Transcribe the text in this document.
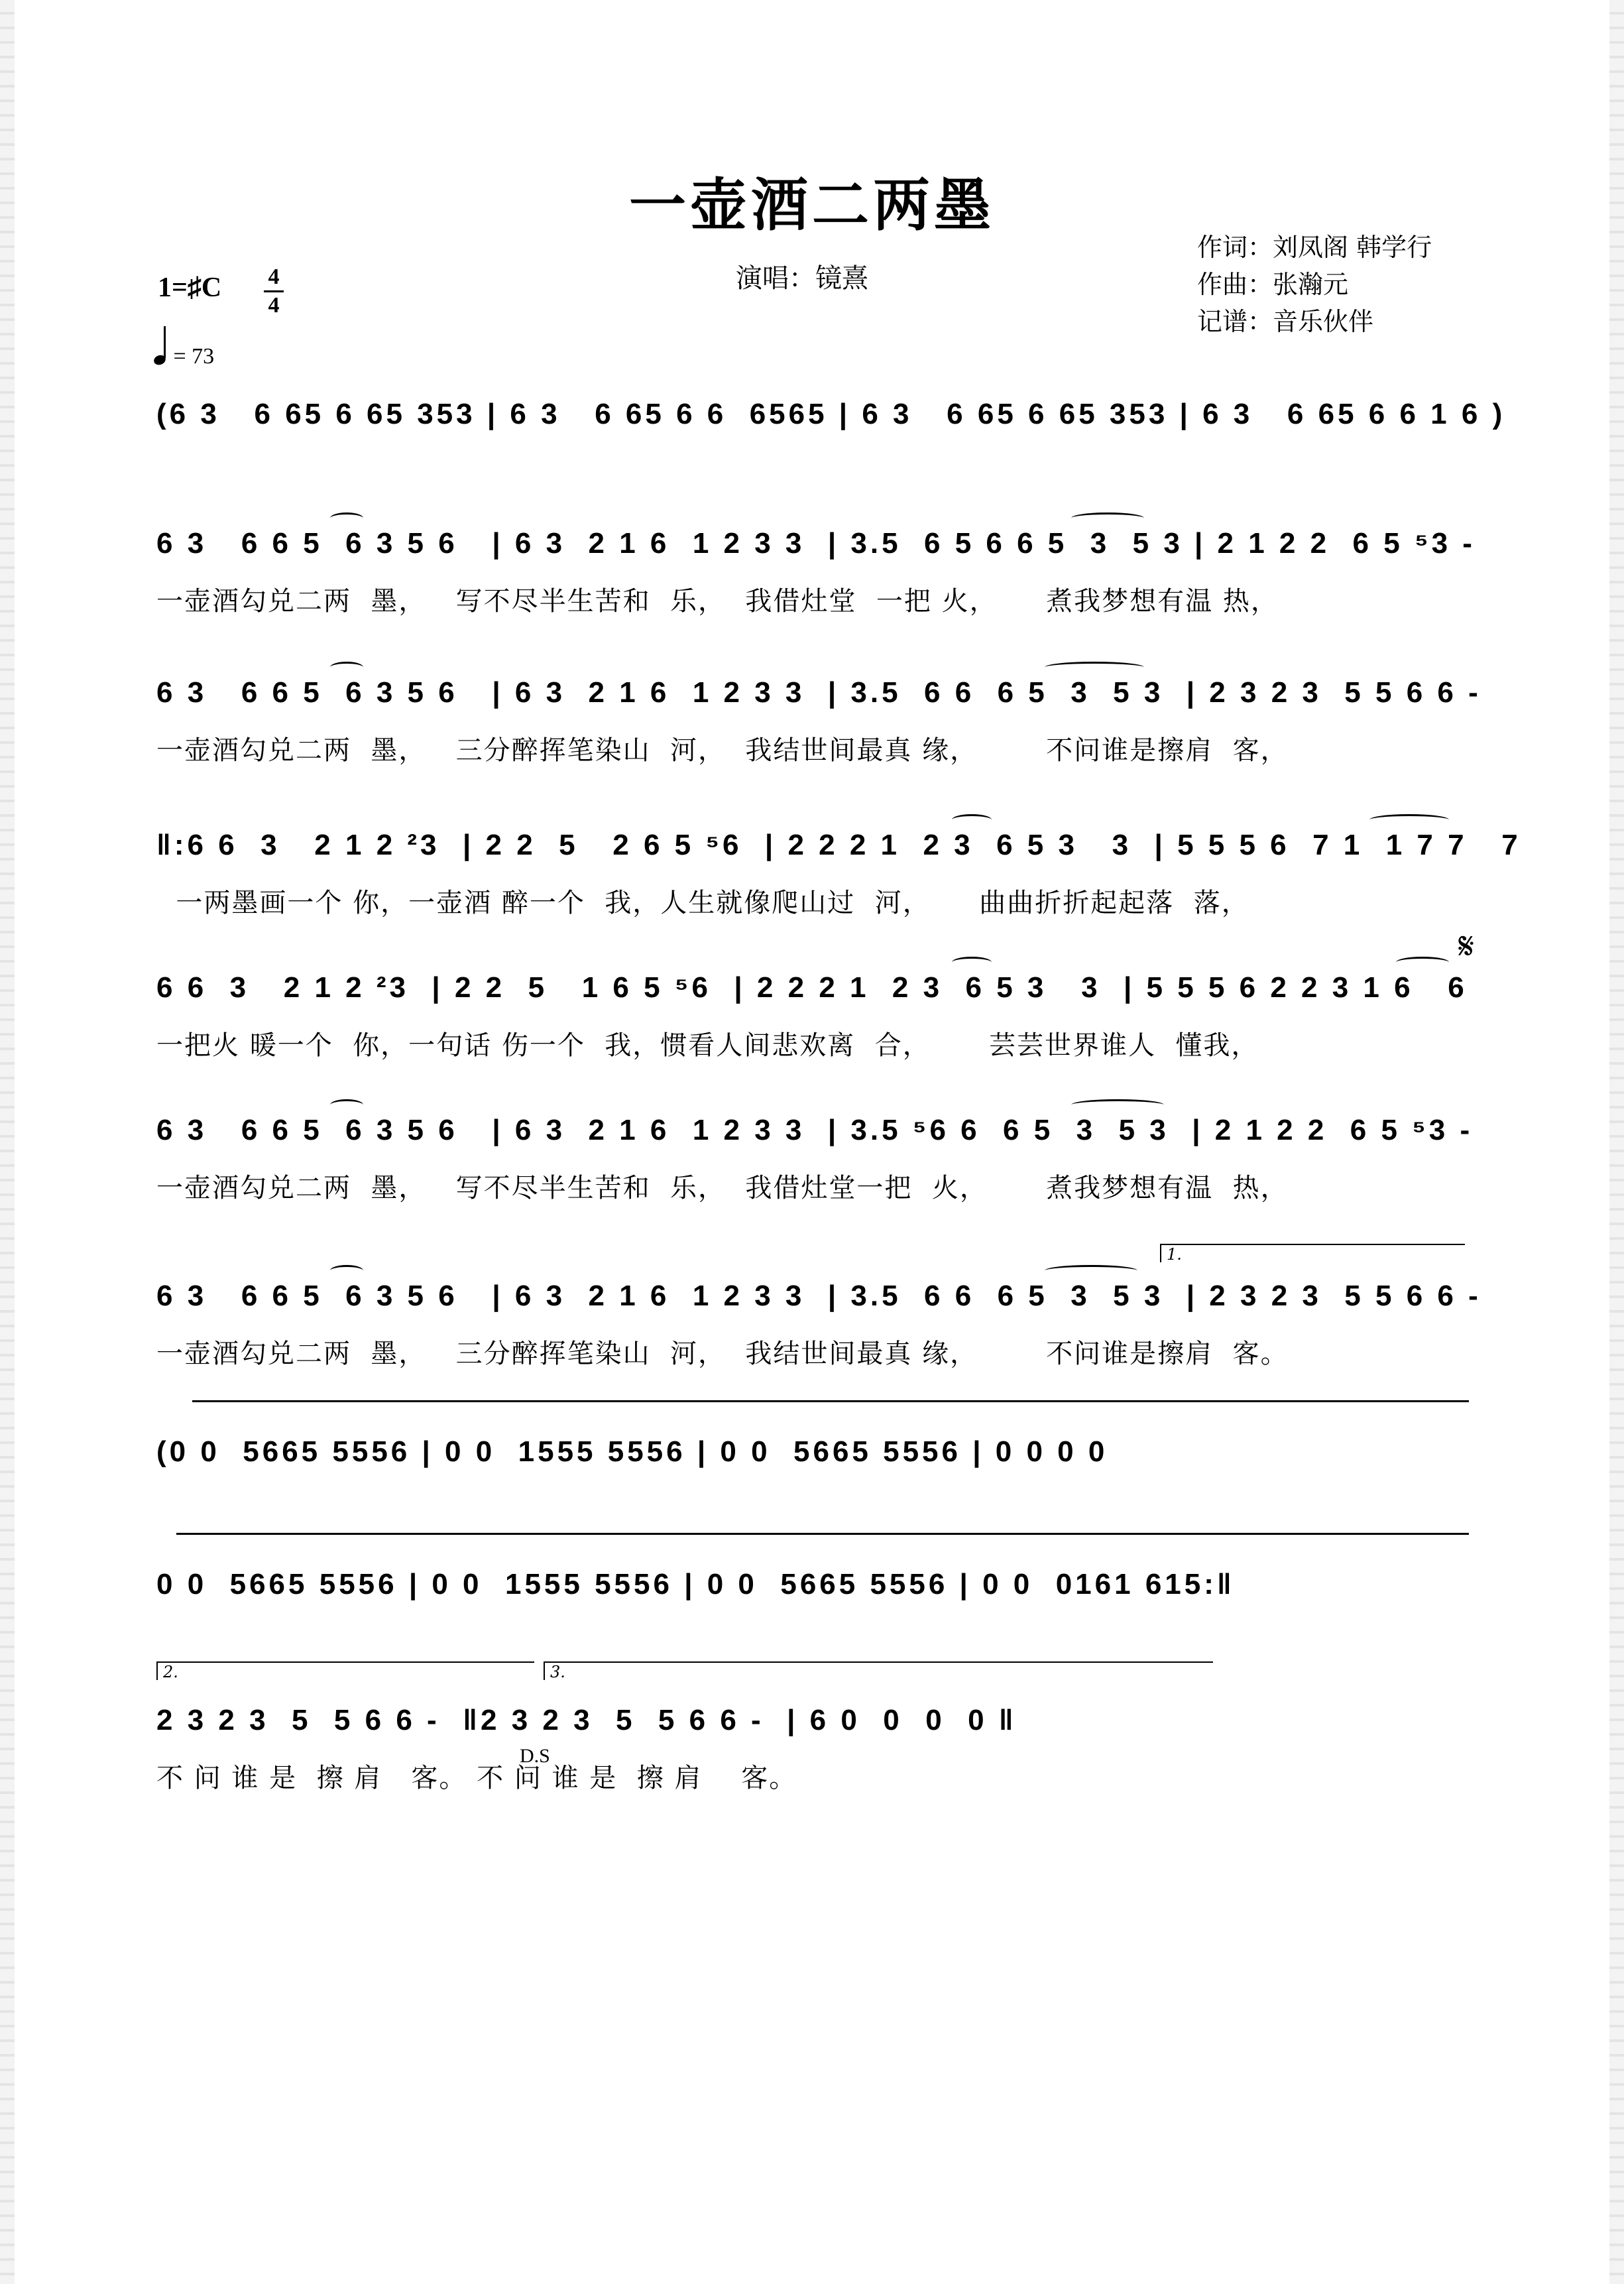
一壶酒二两墨
作词：刘凤阁 韩学行
作曲：张瀚元
记谱：音乐伙伴
演唱：镜熹
1=♯C 4
4
= 73
(6 3   6 65 6 65 353 | 6 3   6 65 6 6  6565 | 6 3   6 65 6 65 353 | 6 3   6 65 6 6 1 6 )
6 3   6 6 5  6 3 5 6   | 6 3  2 1 6  1 2 3 3  | 3.5  6 5 6 6 5  3  5 3 | 2 1 2 2  6 5 ⁵3 -
一壶酒勾兑二两  墨，   写不尽半生苦和  乐，  我借灶堂  一把 火，     煮我梦想有温 热，
6 3   6 6 5  6 3 5 6   | 6 3  2 1 6  1 2 3 3  | 3.5  6 6  6 5  3  5 3  | 2 3 2 3  5 5 6 6 -
一壶酒勾兑二两  墨，   三分醉挥笔染山  河，  我结世间最真 缘，       不问谁是擦肩  客，
‖:6 6  3   2 1 2 ²3  | 2 2  5   2 6 5 ⁵6  | 2 2 2 1  2 3  6 5 3   3  | 5 5 5 6  7 1  1 7 7   7
一两墨画一个 你，一壶酒 醉一个  我，人生就像爬山过  河，     曲曲折折起起落  落，
6 6  3   2 1 2 ²3  | 2 2  5   1 6 5 ⁵6  | 2 2 2 1  2 3  6 5 3   3  | 5 5 5 6 2 2 3 1 6   6
一把火 暖一个  你，一句话 伤一个  我，惯看人间悲欢离  合，      芸芸世界谁人  懂我，
𝄋
6 3   6 6 5  6 3 5 6   | 6 3  2 1 6  1 2 3 3  | 3.5 ⁵6 6  6 5  3  5 3  | 2 1 2 2  6 5 ⁵3 -
一壶酒勾兑二两  墨，   写不尽半生苦和  乐，  我借灶堂一把  火，      煮我梦想有温  热，
6 3   6 6 5  6 3 5 6   | 6 3  2 1 6  1 2 3 3  | 3.5  6 6  6 5  3  5 3  | 2 3 2 3  5 5 6 6 -
一壶酒勾兑二两  墨，   三分醉挥笔染山  河，  我结世间最真 缘，       不问谁是擦肩  客。
1.
(0 0  5665 5556 | 0 0  1555 5556 | 0 0  5665 5556 | 0 0 0 0
0 0  5665 5556 | 0 0  1555 5556 | 0 0  5665 5556 | 0 0  0161 615:‖
2 3 2 3  5  5 6 6 -  ‖2 3 2 3  5  5 6 6 -  | 6 0  0  0  0 ‖
不 问 谁 是  擦 肩   客。 不 问 谁 是  擦 肩    客。
2.	3.
D.S
